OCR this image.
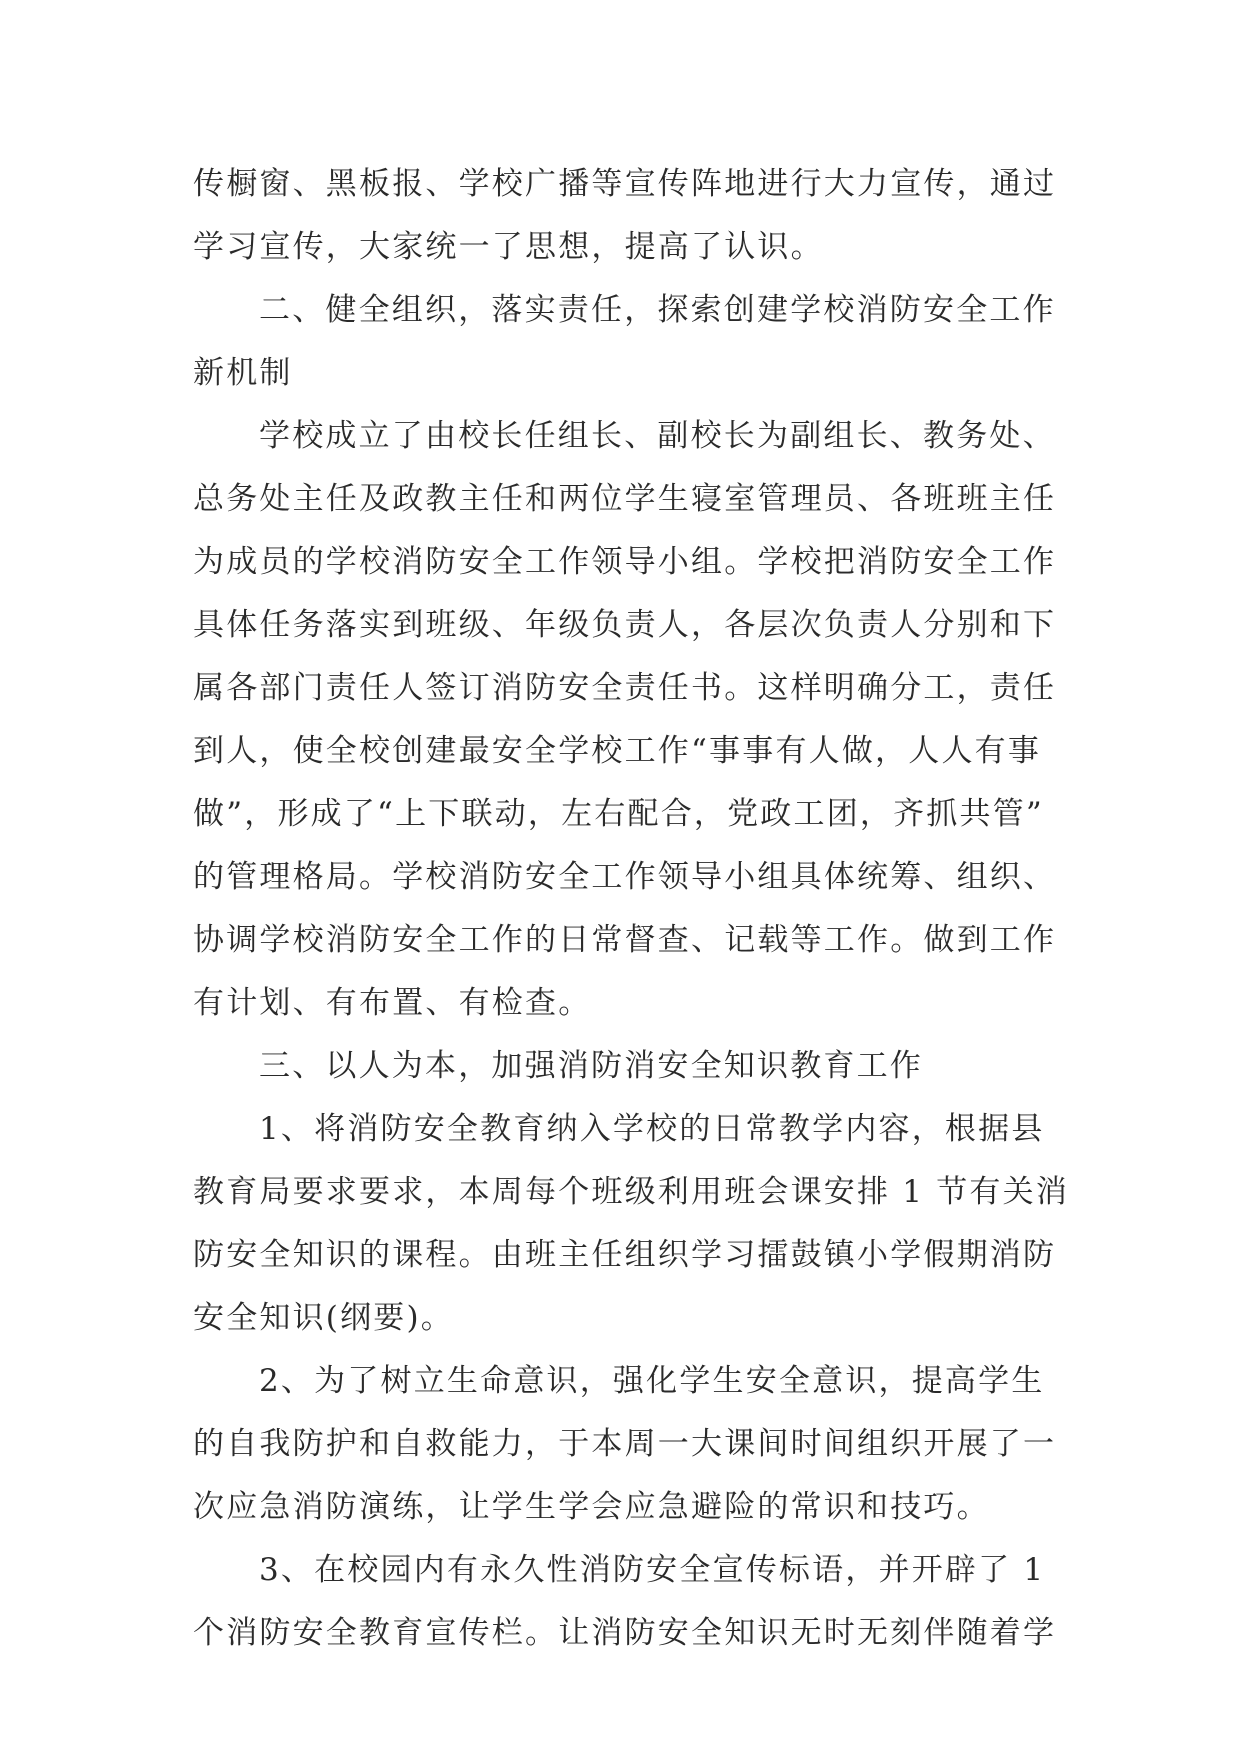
传橱窗、黑板报、学校广播等宣传阵地进行大力宣传，通过
学习宣传，大家统一了思想，提高了认识。

二、健全组织，落实责任，探索创建学校消防安全工作
新机制

学校成立了由校长任组长、副校长为副组长、教务处、
总务处主任及政教主任和两位学生寝室管理员、各班班主任
为成员的学校消防安全工作领导小组。学校把消防安全工作
具体任务落实到班级、年级负责人，各层次负责人分别和下
属各部门责任人签订消防安全责任书。这样明确分工，责任
到人，使全校创建最安全学校工作“事事有人做，人人有事
做”，形成了“上下联动，左右配合，党政工团，齐抓共管”
的管理格局。学校消防安全工作领导小组具体统筹、组织、
协调学校消防安全工作的日常督查、记载等工作。做到工作
有计划、有布置、有检查。

三、以人为本，加强消防消安全知识教育工作

1、将消防安全教育纳入学校的日常教学内容，根据县
教育局要求要求，本周每个班级利用班会课安排 1 节有关消
防安全知识的课程。由班主任组织学习擂鼓镇小学假期消防
安全知识(纲要)。

2、为了树立生命意识，强化学生安全意识，提高学生
的自我防护和自救能力，于本周一大课间时间组织开展了一
次应急消防演练，让学生学会应急避险的常识和技巧。

3、在校园内有永久性消防安全宣传标语，并开辟了 1
个消防安全教育宣传栏。让消防安全知识无时无刻伴随着学
